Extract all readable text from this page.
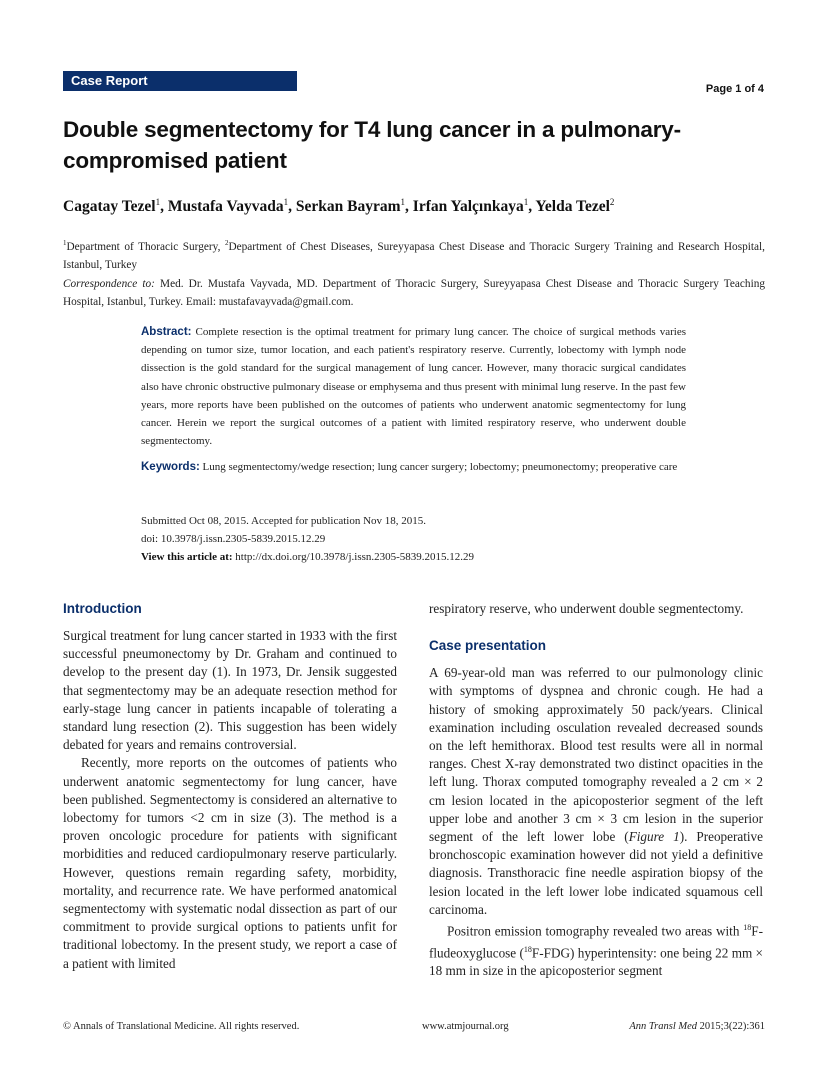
Case Report
Page 1 of 4
Double segmentectomy for T4 lung cancer in a pulmonary-compromised patient
Cagatay Tezel$^1$, Mustafa Vayvada$^1$, Serkan Bayram$^1$, Irfan Yalçınkaya$^1$, Yelda Tezel$^2$
$^1$Department of Thoracic Surgery, $^2$Department of Chest Diseases, Sureyyapasa Chest Disease and Thoracic Surgery Training and Research Hospital, Istanbul, Turkey
Correspondence to: Med. Dr. Mustafa Vayvada, MD. Department of Thoracic Surgery, Sureyyapasa Chest Disease and Thoracic Surgery Teaching Hospital, Istanbul, Turkey. Email: mustafavayvada@gmail.com.
Abstract: Complete resection is the optimal treatment for primary lung cancer. The choice of surgical methods varies depending on tumor size, tumor location, and each patient's respiratory reserve. Currently, lobectomy with lymph node dissection is the gold standard for the surgical management of lung cancer. However, many thoracic surgical candidates also have chronic obstructive pulmonary disease or emphysema and thus present with minimal lung reserve. In the past few years, more reports have been published on the outcomes of patients who underwent anatomic segmentectomy for lung cancer. Herein we report the surgical outcomes of a patient with limited respiratory reserve, who underwent double segmentectomy.
Keywords: Lung segmentectomy/wedge resection; lung cancer surgery; lobectomy; pneumonectomy; preoperative care
Submitted Oct 08, 2015. Accepted for publication Nov 18, 2015.
doi: 10.3978/j.issn.2305-5839.2015.12.29
View this article at: http://dx.doi.org/10.3978/j.issn.2305-5839.2015.12.29
Introduction

Surgical treatment for lung cancer started in 1933 with the first successful pneumonectomy by Dr. Graham and continued to develop to the present day (1). In 1973, Dr. Jensik suggested that segmentectomy may be an adequate resection method for early-stage lung cancer in patients incapable of tolerating a standard lung resection (2). This suggestion has been widely debated for years and remains controversial.

Recently, more reports on the outcomes of patients who underwent anatomic segmentectomy for lung cancer, have been published. Segmentectomy is considered an alternative to lobectomy for tumors <2 cm in size (3). The method is a proven oncologic procedure for patients with significant morbidities and reduced cardiopulmonary reserve particularly. However, questions remain regarding safety, morbidity, mortality, and recurrence rate. We have performed anatomical segmentectomy with systematic nodal dissection as part of our commitment to provide surgical options to patients unfit for traditional lobectomy. In the present study, we report a case of a patient with limited

respiratory reserve, who underwent double segmentectomy.

Case presentation

A 69-year-old man was referred to our pulmonology clinic with symptoms of dyspnea and chronic cough. He had a history of smoking approximately 50 pack/years. Clinical examination including osculation revealed decreased sounds on the left hemithorax. Blood test results were all in normal ranges. Chest X-ray demonstrated two distinct opacities in the left lung. Thorax computed tomography revealed a 2 cm × 2 cm lesion located in the apicoposterior segment of the left upper lobe and another 3 cm × 3 cm lesion in the superior segment of the left lower lobe (Figure 1). Preoperative bronchoscopic examination however did not yield a definitive diagnosis. Transthoracic fine needle aspiration biopsy of the lesion located in the left lower lobe indicated squamous cell carcinoma.

Positron emission tomography revealed two areas with $^{18}$F-fludeoxyglucose ($^{18}$F-FDG) hyperintensity: one being 22 mm × 18 mm in size in the apicoposterior segment

© Annals of Translational Medicine. All rights reserved.	www.atmjournal.org	Ann Transl Med 2015;3(22):361
